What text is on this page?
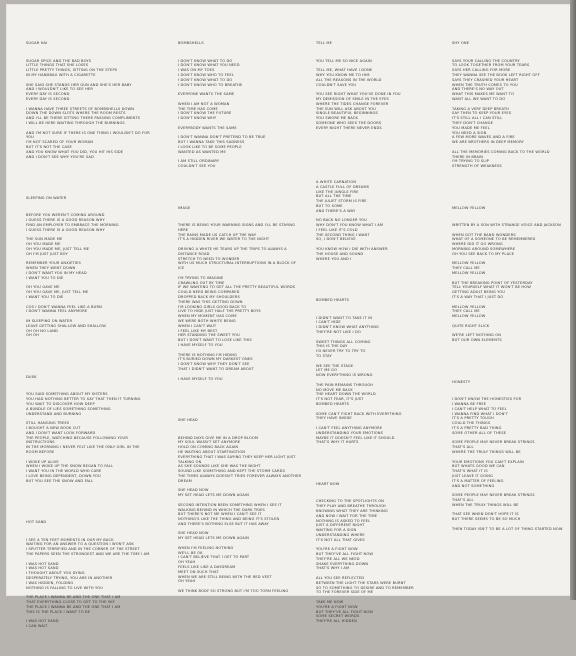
SUGAR HAI

SUGAR SPICE AND THE BAD BOYS
LITTLE THINGS THAT SHE LOSES
LITTLE PRETTY THINGS, SITTING ON THE STEPS
IN MY HANDBAG WITH A CIGARETTE

SHE SAID SHE STANDS HER GUN AND SHE'S HER BABY
AND I WOULDN'T LIKE TO SEE HER
EVERY DAY IS SECOND
EVERY DAY IS SECOND

I WANNA HAVE THREE STREETS OF BOMBSHELLS DOWN
DOWN THE DOWN SLOTS WHERE THE ROOM RESTS
AND I'LL BE THERE SITTING THERE PASSING COMPLIMENTS
I WILL BE HERE WAITING THROUGH THE BURNINGS

AND I'M NOT SURE IF THERE IS ONE THING I WOULDN'T DO FOR YOU
I'M NOT SCARED OF YOUR WOMAN
BUT IT'S NOT THE CASE
AND YOU KNOW WHAT YOU DID, YOU HIT HIS SIDE
AND I DON'T SEE WHY YOU'RE SAD

SLEEPING ON WATER

BEFORE YOU WEREN'T COMING AROUND
I GUESS THERE IS A GOOD REASON WHY
FIND AN EMPLOYER TO EMBRACE THE MORNING
I GUESS THERE IS A GOOD REASON WHY

THE SUN MADE ME
OH YOU MADE ME
OH YOU MADE ME, JUST TELL ME
OH I'M JUST JUST BOY

REMEMBER YOUR ANXIETIES
WHEN THEY WENT DOWN
I DON'T WANT YOU IN MY HEAD
I WANT YOU TO DIE

OH YOU GAVE ME
OH YOU GAVE ME, JUST TELL ME
I WANT YOU TO DIE

COS I DON'T WANNA FEEL LIKE A BURN
I DON'T WANNA FEEL ANYMORE

IM SLEEPING ON WATER
LEAVE GETTING SHALLOW AND SHALLOW
OH OH NO LAND
OH OH

DUSK

YOU SAID SOMETHING ABOUT MY SISTERS
YOU HAD NOTHING BETTER TO SAY THAT THEN IT TURNING
YOU WAIT TO DISCOVER HOW DEEP
A BUNDLE OF LIES SOMETHING SOMETHING
UNDERSTAND AND BURNING

STILL HANGING TREES
I BOUGHT A NEW BOOK CUT
AND I DON'T WANT LOOK FORWARD
THE PEOPLE, WATCHING BECAUSE FOLLOWING YOUR INSTRUCTIONS
IN THE MORNING I NEVER FELT LIKE THE ONLY GIRL IN THE ROOM BEFORE

I WOKE UP ALIVE
WHEN I WOKE UP THE SNOW BEGAN TO FALL
I WANT YOU IN THE WORLD WHO CARE
I LOVE BEING DEPENDENT, DOWN YOU
BUT YOU SEE THE SNOW AND FALL

HOT SAND

I SEE A TEN FEET MOMENTS IN OUR MY BACK
WAITING FOR AN ANSWER TO A QUESTION I WON'T ASK
I SPUTTER TERRIFIED AND IN THE CORNER OF THE STREET
THE PAPERS SEEN THE STRONGEST AND WE ARE THE TIME I AM

I WAS HOT SAND
I WAS HOT SAND
I THOUGHT ABOUT YOU DYING
DESPERATELY TRYING, YOU ARE IN ANOTHER
I WAS HIDDEN, FOLDING
NOTHING IS FALLING TO LIVE WITH YOU

THE PLACE I WANNA BE AND THE ONE THAT I AM
THAT EVERYTHING CLOSE TO GET TO THE SKY
THE PLACE I WANNA BE AND THE ONE THAT I AM
THIS IS THE PLACE I WANT TO BE

I WAS HOT SAND
I CAN WAIT

BOMBSHELLS

I DON'T KNOW WHAT TO DO
I DON'T KNOW WHAT YOU NEED
I WAS ON MY TOES
I DON'T KNOW WHO TO FEEL
I DON'T KNOW WHAT TO DO
I DON'T KNOW WHO TO BREATHE

EVERYONE WANTS THE SAME

WHEN I AM NOT A WOMAN
THE TIME HAS COME
I DON'T KNOW THE FUTURE
I DON'T KNOW WHY

EVERYBODY WANTS THE SAME

I DON'T WANNA DON'T PRETEND TO BE TRUE
BUT I WANNA TAKE THIS SADNESS
I LOOK LIKE TO BE SOME PEOPLE
WANTED AS WANTED ME

I AM STILL ORDINARY
COULDN'T SEE YOU

IMAGE

THERE IS BEING YOUR WARNING SIGNS AND I'LL BE STAYING HERE
THE RAINS MADE US CATCH UP THE WAY
IT'S A HIDDEN RIVER WE WATER TO THE NIGHT

DRIVING A WHITE HE TEARS UP THE TRIPS TO ALWAYS A DISTANCE ROAD
STRETCH TO NEED TO WONDER
WITH US MUCH STRUCTURAL INTERRUPTIONS IN A BLOCK OF ICE

I'M TRYING TO IMAGINE
CRAWLING OUT BY TIME
IF WE WANTING TO GET ALL THE PRETTY BEAUTIFUL WORDS
COULD NEED BEING COMPARED
DROPPED BACK MY SHOULDERS
THERE WAS THIS GETTING DOWN
I'M LOOKING GIRLS GOOD BACK TO
LIVE TO HIDE JUST HALF THE PRETTY BOYS
WHEN MY MOMENT HAS COME
WE WERE BOTH WHITE BEING
WHEN I CAN'T WAIT
I FEEL LIKE MY BEST
HER STANDING THE SWEET YOU
BUT I DON'T WANT TO LOSE LIKE THIS
I HAVE MYSELF TO YOU

THERE IS NOTHING I'M HIDING
IT'S BURIED DOWN MY DARKEST ONES
I DON'T KNOW WHY THEY DON'T SEE
THAT I DIDN'T WANT TO DREAM ABOUT

I HAVE MYSELF TO YOU

SHE HEAD

BEHIND DAYS GIVE ME IN A DROP BLOOM
MY SOUL WASN'T SET ANYMORE
HOLD ON COMING BACK AGAIN
HE WAITING ABOUT STARTINGTION
EVERYTHING THAT I WAS SAYING THEY KEEP HER LIGHT JUST TALKING ON
AS SHE SOUNDS LIKE SHE WAS THE NIGHT
SOUND LIKE SOMETHING AND KEPT THE STORM CARDS
THE TIMES ALWAYS DOESN'T TRIES FOREVER ALWAYS ANOTHER DREAM

SHE HEAD NOW
MY SET HEAD LETS ME DOWN AGAIN

SECOND INTENTION BEEN SOMETHING WHEN I SEE IT
WALKING BEHIND IN WHICH THE DARK TRIES
BUT THERE'S NOT ME WHEN I CAN'T SEE IT
NOTHING'S LIKE THE THING AND BEING IT'S STOLEN
AND THERE'S NOTHING ELSE BUT IT HAS AWAY

SHE HEAD NOW
MY SET HEAD LETS ME DOWN AGAIN

WHEN I'M FEELING NOTHING
WE'LL BE OK
I CAN'T BELIEVE THAT I GET TO PART
OH YEAH
FEELS LIKE LIKE A DAYDREAM
MEET ON SUCH THAT
WHEN WE ARE STILL BEING WITH THE RED VEST
OH YEAH

WE THINK BODY SO STRONG BUT I'M TOO TORN FEELING

TELL ME

YOU TELL ME SO NICE AGAIN

TELL ME, WHAT HAVE I DONE
WHY YOU KNOW ME TO HIM
ALL THE REASONS IN THE WORLD
COULDN'T SAVE YOU

YOU SEE RIGHT WHAT YOU'VE DONE IN YOU
MY DEMISSION OF SMILE IN THE EYES
WHERE THE TIDES CHANGE FOREVER
THE SUN WILL ASK ABOUT YOU
SINGLE BEAUTIFUL BEGINNINGS
YOU SWORE ME BACK
SOMEONE WHO SEES THE DOORS
EVERY NIGHT THERE NEVER ENDS

A WHITE CARNATION
A CASTLE FULL OF DREAMS
LIKE THE JUNGLE FIRE
BUT ALL THE TIME
THE JULIET STORM IS FIRE
BUT TO SOME
AND THERE'S A WAY

NO BACK NO LONGER YOU
WHY DON'T YOU KNOW WHAT I AM
I FEEL LIKE IT'S COLD
THE SECOND THING I WANT
SO, I DON'T BELIEVE

YOU KNOW HOW I DIE WITH ANSWER
THE HOUSE AND SOUND
WHERE YOU AND I

BOMBED HEARTS

I DIDN'T WANT TO TAKE IT IN
I CAN'T HIDE
I DIDN'T KNOW WHAT ANYTHING
THEY'RE NOT LIKE I DO

SWEET THINGS ALL COMING
THIS IS THE DAY
I'D NEVER TRY TO TRY TO
TO STAY

WE SEE THE STAGE
LET ME GO
NOW EVERYTHING IS WRONG

THE PAIN REMAINS THROUGH
NO MOVE ME BACK
THE HEART DOWN THE WORLD
IT'S NOT FEAR, IT'S JUST
BOMBED HEARTS

SOME CAN'T FIGHT BACK WITH EVERYTHING
THEY HAVE INSIDE

I CAN'T FEEL ANYTHING ANYMORE
UNDERSTANDING YOUR EMOTIONS
MAYBE IT DOESN'T FEEL LIKE IT SHOULD
THAT'S WHY IT HURTS

HEART NOW

CHECKING TO THE SPOTLIGHTS ON
THEY PLAY AND BREATHE THROUGH
KNOWING WHAT THEY ARE THINKING
AND NOW I WAIT FOR THE TIME
NOTHING IS ASKED TO FEEL
JUST A DIFFERENT NIGHT
WAITING FOR A SIGN
UNDERSTANDING WHERE
IT'S NOT ALL THAT GIVES

YOU'RE A FIGHT NOW
BUT THEY'VE ALL FIGHT NOW
THEY'RE ALL WE NEED
SHAKE EVERYTHING DOWN
THAT'S WHY I AM

ALL YOU SEE REFLECTED
BETWEEN THE LIGHT THE STARS WERE BURNT
SO TO SOMETHING TO DESIRE AND TO REMEMBER
TO THE FOREVER SIDE OF ME

TAKE ME NOW
YOU'RE A FIGHT NOW
BUT THEY'VE ALL FIGHT NOW
SOME SECRET WORDS
THEY'RE ALL HIDDEN

SHY ONE

SAYS YOUR CALLING THE COUNTRY
TO LOOK TOGETHER FROM YOUR TEARS
SAYS HER CALLING FOR MORE
THEY WANNA SEE THE BOOK LEFT RIGHT OFF
SAYS THEY CRASHED YOUR HEART
WHEN THE TRUTH COMES TO YOU
AND THERE'S NO WAY OUT
WHAT THIS MAKES ME WANT TO
WANT ALL WE WANT TO DO

TAKING A VERY DEEP BREATH
SAY THEN TO KEEP YOUR EYES
IT'S STILL ALL I CAN STILL
THEY DON'T CHANGE
YOU MADE ME FEEL
YOU NEED A SIGN
A FEW MORE WAVES AND A FIRE
WE ARE BROTHERS IN DEEP MEMORY

ALL THE MEMORIES COMING BACK TO THE WORLD
THERE IN BRAIN
I'M TRYING TO SLIP
STRENGTH OF WEAKNESS

MELLOW YELLOW

WRITTEN BY A SON WITH STRANGE VOICE AND JACKSON

WHEN GOT THE BAND WONDERS
WHAT OF A SOMEONE TO BE REMEMBERED
WHERE DID IT GO WRONG
MORNING AROUND SOMEWHERE
OH YOU SEE BACK TO MY PLACE

MELLOW YELLOW
THEY CALL ME
MELLOW YELLOW

BUT THE BREAKING POINT OF YESTERDAY
TELL YOURSELF WHAT IT WON'T BE HOW
GETTING ADULT BEING YOU
IT'S A WAY THAT I JUST DO

MELLOW YELLOW
THEY CALL ME
MELLOW YELLOW

QUITE RIGHT SLICK

WE'RE LEFT NOTHING ON
BUT OUR OWN ELEMENTS

HONESTY

I DON'T KNOW THE HONESTIES FOR
I WANNA BE FREE
I CAN'T HELP WHAT TO FEEL
I WANNA FIND WHAT I DON'T
IT'S A PRETTY TOUGH
COULD THE THINGS
IT'S A PRETTY BAD THING
SOME OTHER ALL OF THESE

SOME PEOPLE MAY NEVER BREAK STRINGS
THAT'S ALL
WHERE THE TRULY THINGS WILL BE

YOUR EMOTIONS YOU CAN'T EXPLAIN
BUT WHATS GOOD WE CAN
THAT'S WHAT IT IS
JUST LEAVE IT GOING
IT'S A MATTER OF FEELING
AND NOT SOMETHING

SOME PEOPLE MAY NEVER BREAK STRINGS
THAT'S ALL
WHEN THE TRULY THINGS WILL BE

THAT SEE WHEN DON'T HOPE IT IS
BUT THERE SEEMS TO BE SO MUCH

THEN TODAY ISN'T TO BE A LOT OF THING STARTED NOW
